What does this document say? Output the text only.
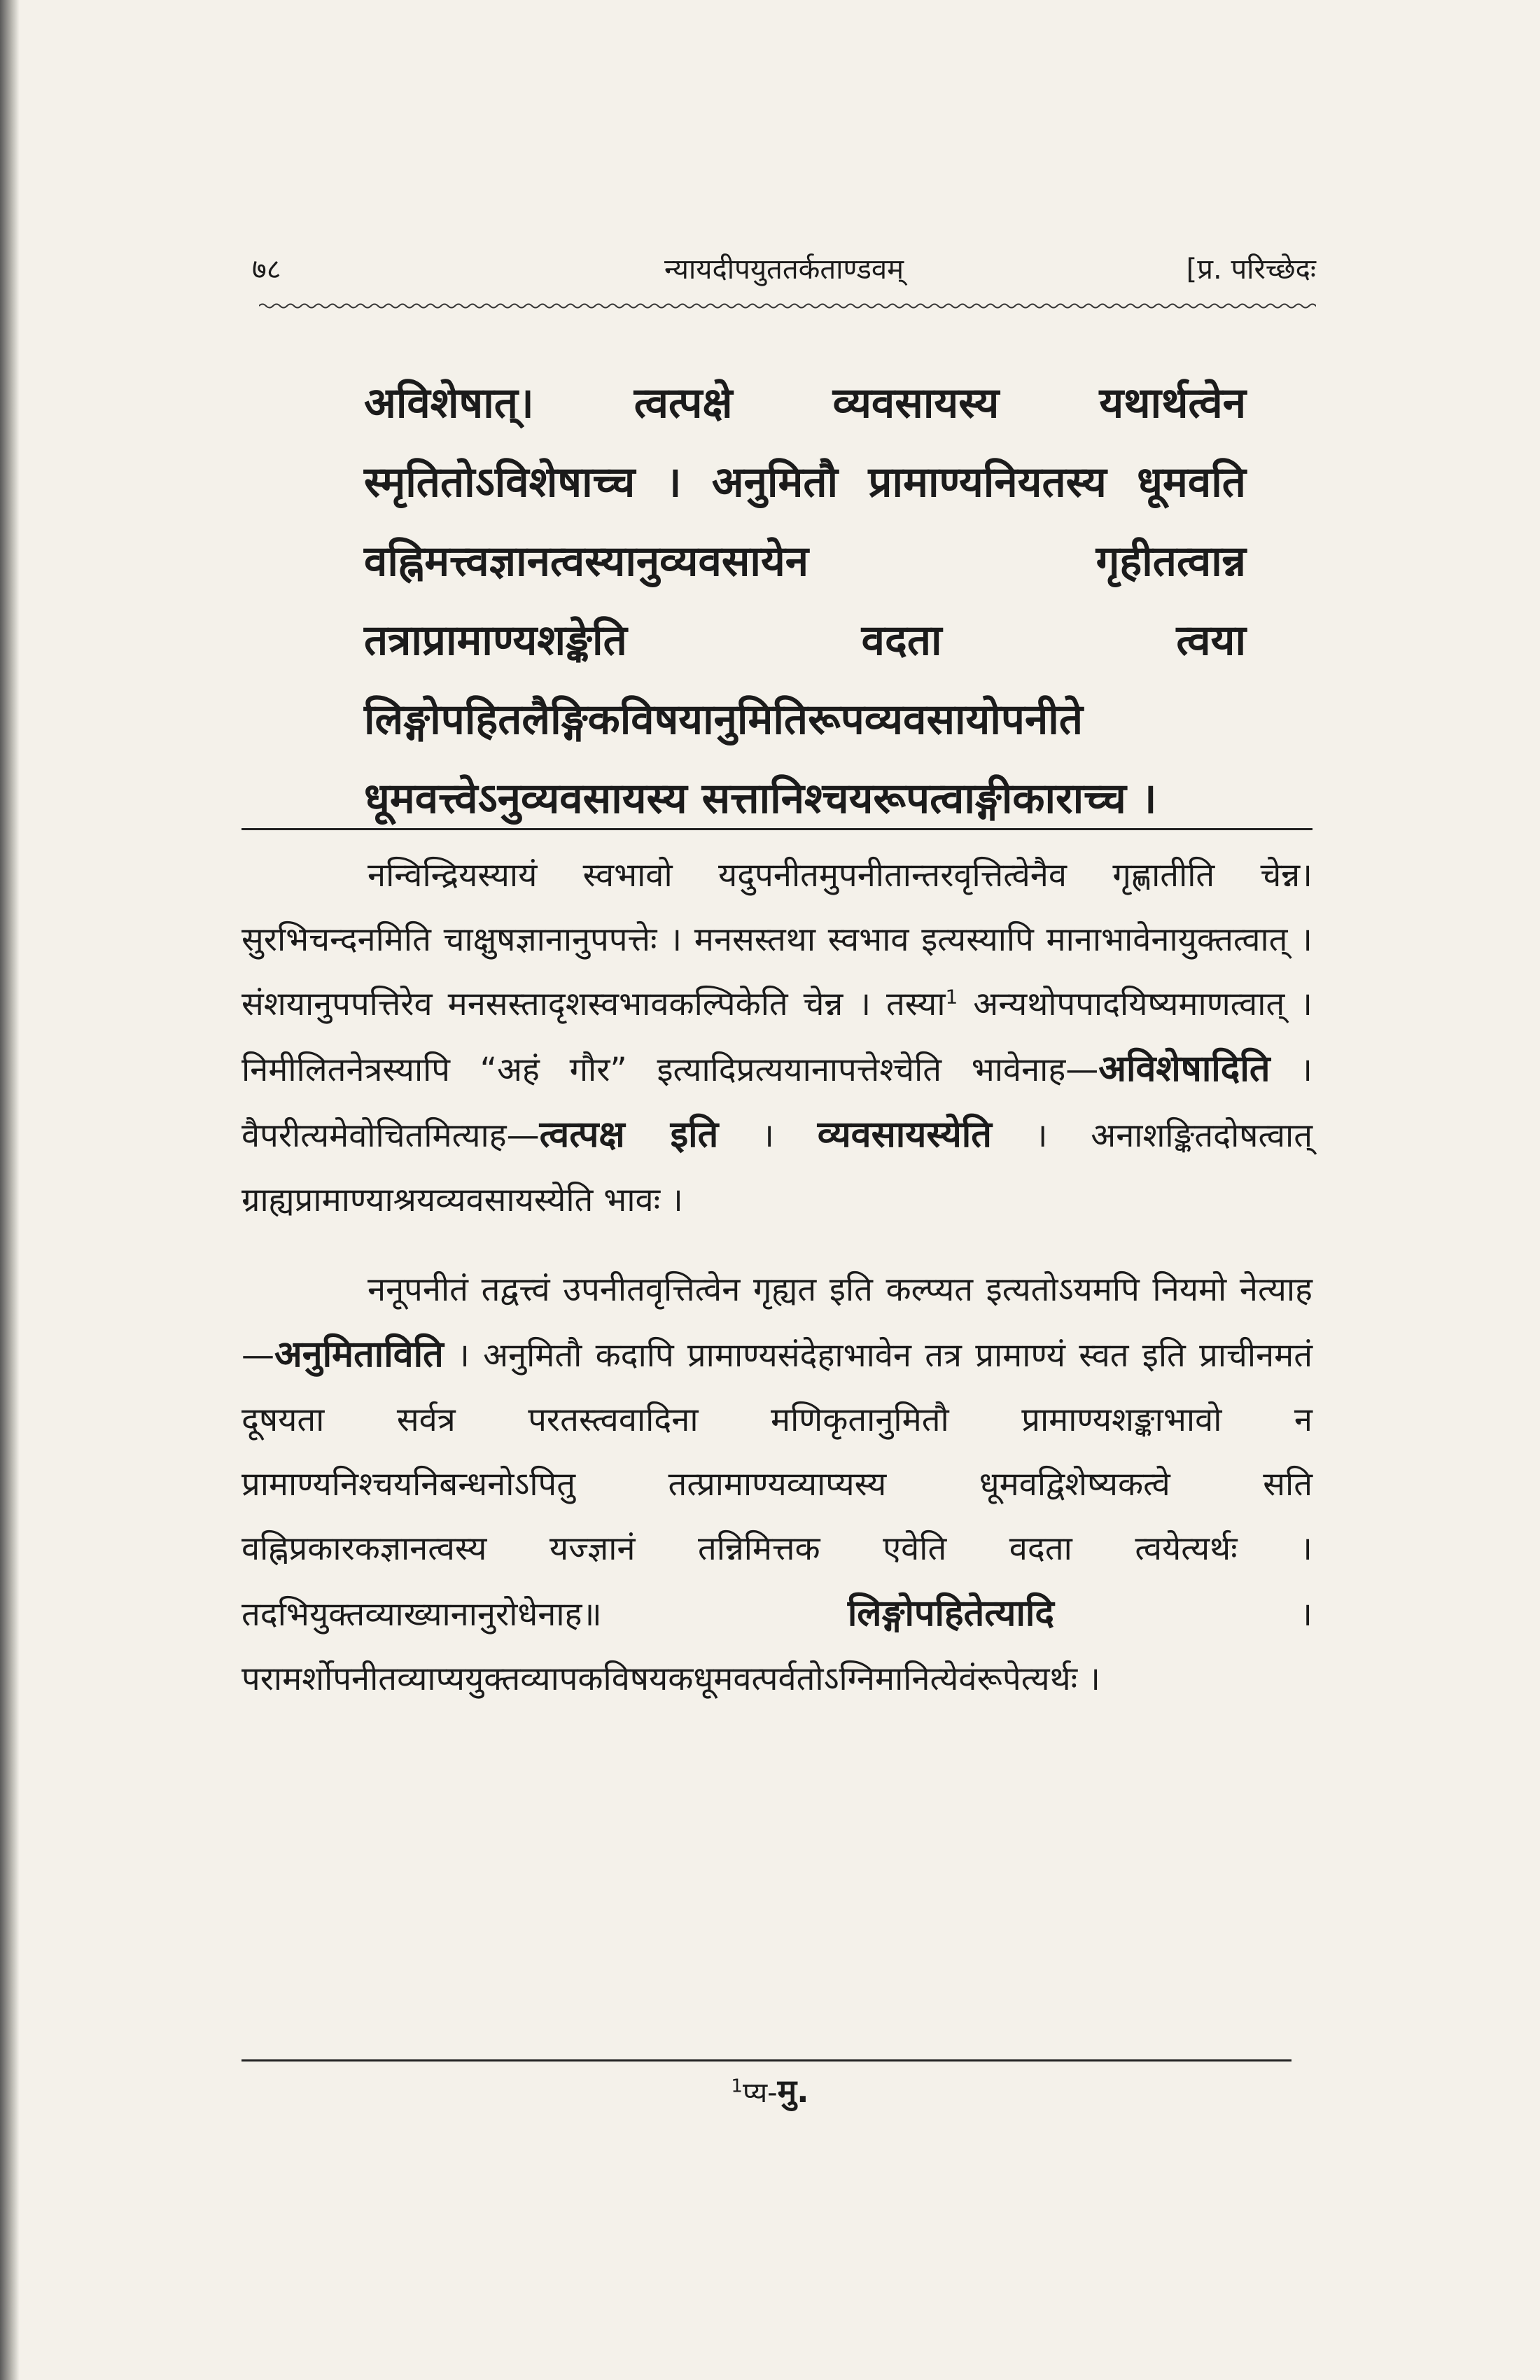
७८	न्यायदीपयुततर्कताण्डवम्	[प्र. परिच्छेदः
अविशेषात्। त्वत्पक्षे व्यवसायस्य यथार्थत्वेन स्मृतितोऽविशेषाच्च । अनुमितौ प्रामाण्यनियतस्य धूमवति वह्निमत्त्वज्ञानत्वस्यानुव्यवसायेन गृहीतत्वान्न तत्राप्रामाण्यशङ्केति वदता त्वया लिङ्गोपहितलैङ्गिकविषयानुमितिरूपव्यवसायोपनीते धूमवत्त्वेऽनुव्यवसायस्य सत्तानिश्चयरूपत्वाङ्गीकाराच्च ।

नन्विन्द्रियस्यायं स्वभावो यदुपनीतमुपनीतान्तरवृत्तित्वेनैव गृह्णातीति चेन्न। सुरभिचन्दनमिति चाक्षुषज्ञानानुपपत्तेः । मनसस्तथा स्वभाव इत्यस्यापि मानाभावेनायुक्तत्वात् । संशयानुपपत्तिरेव मनसस्तादृशस्वभावकल्पिकेति चेन्न । तस्या$^1$ अन्यथोपपादयिष्यमाणत्वात् । निमीलितनेत्रस्यापि “अहं गौर” इत्यादिप्रत्ययानापत्तेश्चेति भावेनाह—अविशेषादिति । वैपरीत्यमेवोचितमित्याह—त्वत्पक्ष इति । व्यवसायस्येति । अनाशङ्कितदोषत्वात् ग्राह्यप्रामाण्याश्रयव्यवसायस्येति भावः ।

ननूपनीतं तद्वत्त्वं उपनीतवृत्तित्वेन गृह्यत इति कल्प्यत इत्यतोऽयमपि नियमो नेत्याह—अनुमिताविति । अनुमितौ कदापि प्रामाण्यसंदेहाभावेन तत्र प्रामाण्यं स्वत इति प्राचीनमतं दूषयता सर्वत्र परतस्त्ववादिना मणिकृतानुमितौ प्रामाण्यशङ्काभावो न प्रामाण्यनिश्चयनिबन्धनोऽपितु तत्प्रामाण्यव्याप्यस्य धूमवद्विशेष्यकत्वे सति वह्निप्रकारकज्ञानत्वस्य यज्ज्ञानं तन्निमित्तक एवेति वदता त्वयेत्यर्थः । तदभियुक्तव्याख्यानानुरोधेनाह॥ लिङ्गोपहितेत्यादि । परामर्शोपनीतव्याप्ययुक्तव्यापकविषयकधूमवत्पर्वतोऽग्निमानित्येवंरूपेत्यर्थः ।

$^1$प्य-मु.
